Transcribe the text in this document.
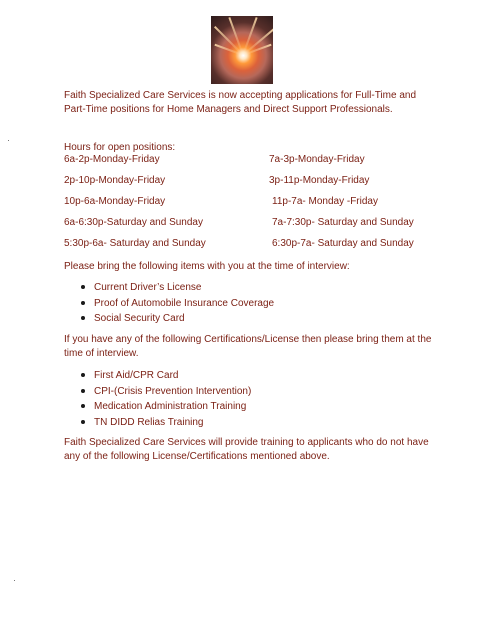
Faith Specialized Care Services is now accepting applications for Full-Time and Part-Time positions for Home Managers and Direct Support Professionals.
Hours for open positions:
6a-2p-Monday-Friday	7a-3p-Monday-Friday
2p-10p-Monday-Friday	3p-11p-Monday-Friday
10p-6a-Monday-Friday	11p-7a- Monday -Friday
6a-6:30p-Saturday and Sunday	7a-7:30p- Saturday and Sunday
5:30p-6a- Saturday and Sunday	6:30p-7a- Saturday and Sunday
Please bring the following items with you at the time of interview:
Current Driver’s License
Proof of Automobile Insurance Coverage
Social Security Card
If you have any of the following Certifications/License then please bring them at the time of interview.
First Aid/CPR Card
CPI-(Crisis Prevention Intervention)
Medication Administration Training
TN DIDD Relias Training
Faith Specialized Care Services will provide training to applicants who do not have any of the following License/Certifications mentioned above.
